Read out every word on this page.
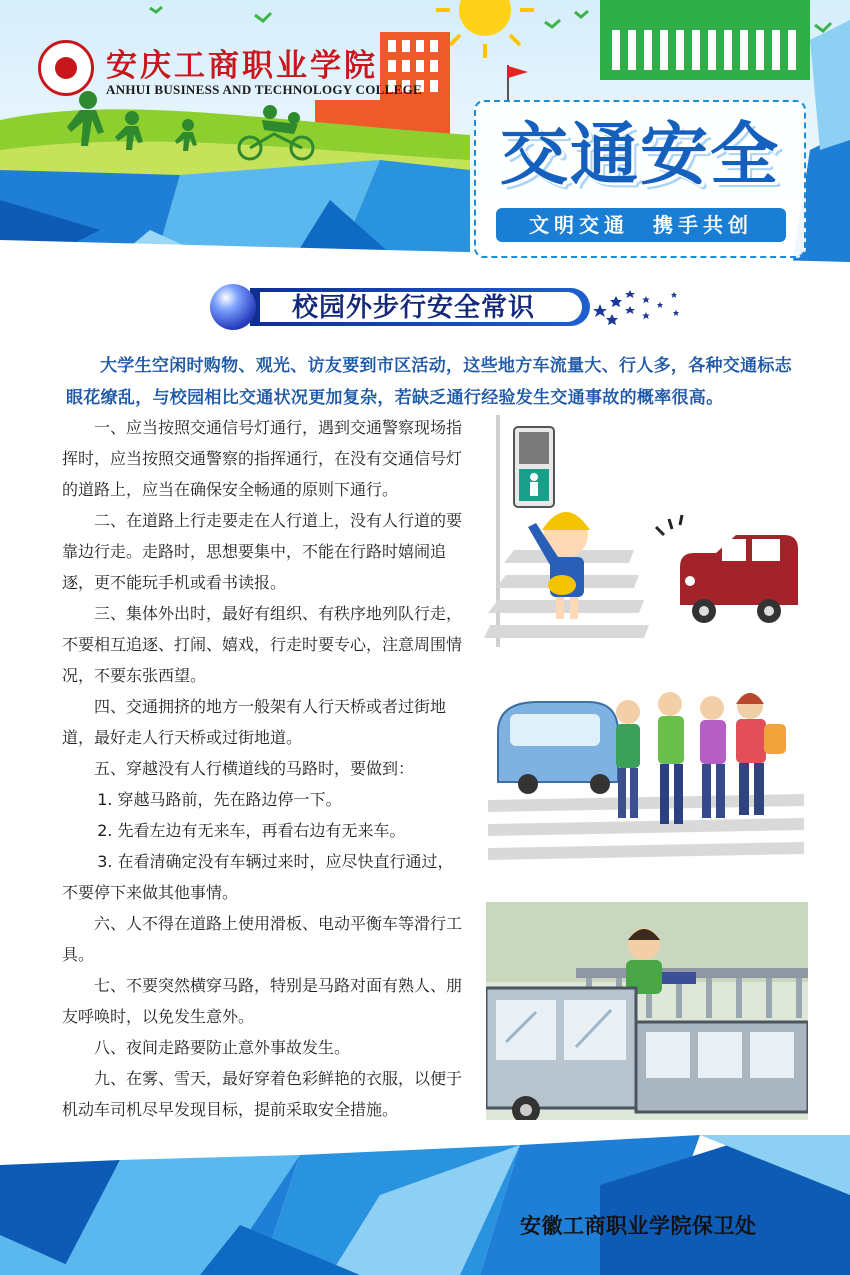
安庆工商职业学院
ANHUI BUSINESS AND TECHNOLOGY COLLEGE
交通安全
文明交通  携手共创
校园外步行安全常识
大学生空闲时购物、观光、访友要到市区活动，这些地方车流量大、行人多，各种交通标志眼花缭乱，与校园相比交通状况更加复杂，若缺乏通行经验发生交通事故的概率很高。

一、应当按照交通信号灯通行，遇到交通警察现场指挥时，应当按照交通警察的指挥通行，在没有交通信号灯的道路上，应当在确保安全畅通的原则下通行。

二、在道路上行走要走在人行道上，没有人行道的要靠边行走。走路时，思想要集中，不能在行路时嬉闹追逐，更不能玩手机或看书读报。

三、集体外出时，最好有组织、有秩序地列队行走，不要相互追逐、打闹、嬉戏，行走时要专心，注意周围情况，不要东张西望。

四、交通拥挤的地方一般架有人行天桥或者过街地道，最好走人行天桥或过街地道。

五、穿越没有人行横道线的马路时，要做到：

1. 穿越马路前，先在路边停一下。

2. 先看左边有无来车，再看右边有无来车。

3. 在看清确定没有车辆过来时，应尽快直行通过，不要停下来做其他事情。

六、人不得在道路上使用滑板、电动平衡车等滑行工具。

七、不要突然横穿马路，特别是马路对面有熟人、朋友呼唤时，以免发生意外。

八、夜间走路要防止意外事故发生。

九、在雾、雪天，最好穿着色彩鲜艳的衣服，以便于机动车司机尽早发现目标，提前采取安全措施。

安徽工商职业学院保卫处
